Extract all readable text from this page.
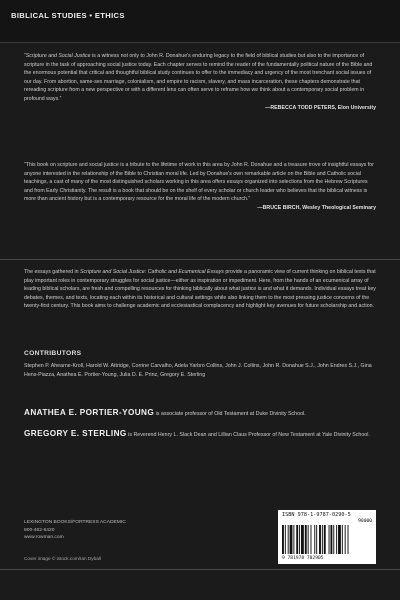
BIBLICAL STUDIES • ETHICS

“Scripture and Social Justice is a witness not only to John R. Donahue's enduring legacy to the field of biblical studies but also to the importance of scripture in the task of approaching social justice today. Each chapter serves to remind the reader of the fundamentally political nature of the Bible and the enormous potential that critical and thoughtful biblical study continues to offer to the immediacy and urgency of the most trenchant social issues of our day. From abortion, same-sex marriage, colonialism, and empire to racism, slavery, and mass incarceration, these chapters demonstrate that rereading scripture from a new perspective or with a different lens can often serve to reframe how we think about a contemporary social problem in profound ways.”

—REBECCA TODD PETERS, Elon University

“This book on scripture and social justice is a tribute to the lifetime of work in this area by John R. Donahue and a treasure trove of insightful essays for anyone interested in the relationship of the Bible to Christian moral life. Led by Donahue's own remarkable article on the Bible and Catholic social teachings, a cast of many of the most distinguished scholars working in this area offers essays organized into selections from the Hebrew Scriptures and from Early Christianity. The result is a book that should be on the shelf of every scholar or church leader who believes that the biblical witness is more than ancient history but is a contemporary resource for the moral life of the modern church.”

—BRUCE BIRCH, Wesley Theological Seminary

The essays gathered in Scripture and Social Justice: Catholic and Ecumenical Essays provide a panoramic view of current thinking on biblical texts that play important roles in contemporary struggles for social justice—either as inspiration or impediment. Here, from the hands of an ecumenical array of leading biblical scholars, are fresh and compelling resources for thinking biblically about what justice is and what it demands. Individual essays treat key debates, themes, and texts, locating each within its historical and cultural settings while also linking them to the most pressing justice concerns of the twenty-first century. This book aims to challenge academic and ecclesiastical complacency and highlight key avenues for future scholarship and action.

CONTRIBUTORS

Stephen P. Ahearne-Kroll, Harold W. Attridge, Corrine Carvalho, Adela Yarbro Collins, John J. Collins, John R. Donahue S.J., John Endres S.J., Gina Hens-Piazza, Anathea E. Portier-Young, Julia D. E. Prinz, Gregory E. Sterling

ANATHEA E. PORTIER-YOUNG is associate professor of Old Testament at Duke Divinity School.

GREGORY E. STERLING is Reverend Henry L. Slack Dean and Lillian Claus Professor of New Testament at Yale Divinity School.

LEXINGTON BOOKS/FORTRESS ACADEMIC

800-462-6420

www.rowman.com

Cover image © istock.com/Ian Dyball
ISBN 978-1-9787-0290-5
90000
9 781978 702905
